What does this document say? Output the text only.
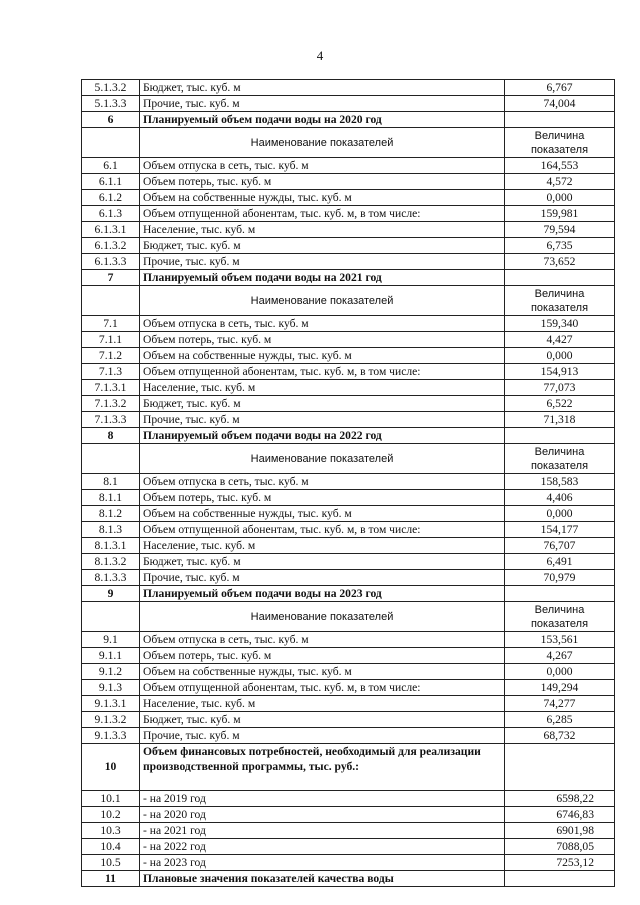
4
5.1.3.2	Бюджет, тыс. куб. м	6,767
5.1.3.3	Прочие, тыс. куб. м	74,004
6	Планируемый объем подачи воды на 2020 год	
	Наименование показателей	Величина показателя
6.1	Объем отпуска в сеть, тыс. куб. м	164,553
6.1.1	Объем потерь, тыс. куб. м	4,572
6.1.2	Объем на собственные нужды, тыс. куб. м	0,000
6.1.3	Объем отпущенной абонентам, тыс. куб. м, в том числе:	159,981
6.1.3.1	Население, тыс. куб. м	79,594
6.1.3.2	Бюджет, тыс. куб. м	6,735
6.1.3.3	Прочие, тыс. куб. м	73,652
7	Планируемый объем подачи воды на 2021 год	
	Наименование показателей	Величина показателя
7.1	Объем отпуска в сеть, тыс. куб. м	159,340
7.1.1	Объем потерь, тыс. куб. м	4,427
7.1.2	Объем на собственные нужды, тыс. куб. м	0,000
7.1.3	Объем отпущенной абонентам, тыс. куб. м, в том числе:	154,913
7.1.3.1	Население, тыс. куб. м	77,073
7.1.3.2	Бюджет, тыс. куб. м	6,522
7.1.3.3	Прочие, тыс. куб. м	71,318
8	Планируемый объем подачи воды на 2022 год	
	Наименование показателей	Величина показателя
8.1	Объем отпуска в сеть, тыс. куб. м	158,583
8.1.1	Объем потерь, тыс. куб. м	4,406
8.1.2	Объем на собственные нужды, тыс. куб. м	0,000
8.1.3	Объем отпущенной абонентам, тыс. куб. м, в том числе:	154,177
8.1.3.1	Население, тыс. куб. м	76,707
8.1.3.2	Бюджет, тыс. куб. м	6,491
8.1.3.3	Прочие, тыс. куб. м	70,979
9	Планируемый объем подачи воды на 2023 год	
	Наименование показателей	Величина показателя
9.1	Объем отпуска в сеть, тыс. куб. м	153,561
9.1.1	Объем потерь, тыс. куб. м	4,267
9.1.2	Объем на собственные нужды, тыс. куб. м	0,000
9.1.3	Объем отпущенной абонентам, тыс. куб. м, в том числе:	149,294
9.1.3.1	Население, тыс. куб. м	74,277
9.1.3.2	Бюджет, тыс. куб. м	6,285
9.1.3.3	Прочие, тыс. куб. м	68,732
10	Объем финансовых потребностей, необходимый для реализации производственной программы, тыс. руб.:	
10.1	- на 2019 год	6598,22
10.2	- на 2020 год	6746,83
10.3	- на 2021 год	6901,98
10.4	- на 2022 год	7088,05
10.5	- на 2023 год	7253,12
11	Плановые значения показателей качества воды	
